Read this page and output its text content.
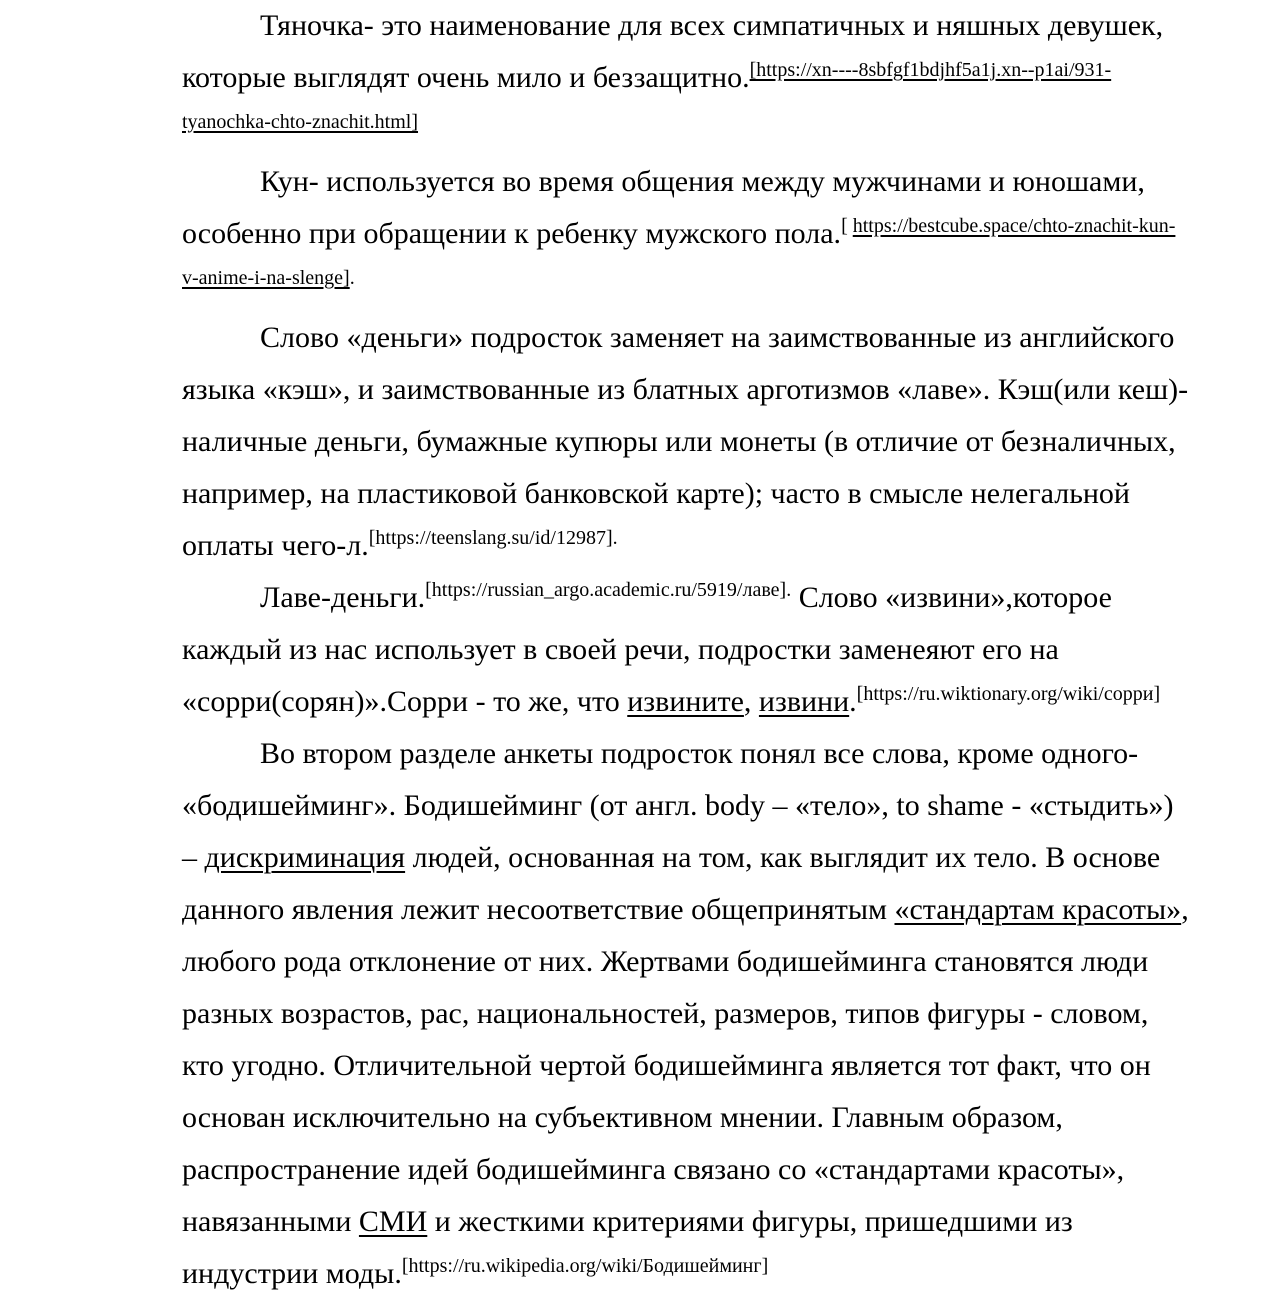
Тяночка- это наименование для всех симпатичных и няшных девушек, которые выглядят очень мило и беззащитно.[https://xn----8sbfgf1bdjhf5a1j.xn--p1ai/931-tyanochka-chto-znachit.html]

Кун- используется во время общения между мужчинами и юношами, особенно при обращении к ребенку мужского пола.[ $^{https://bestcube.space/chto-znachit-kun-v-anime-i-na-slenge].}$

Слово «деньги» подросток заменяет на заимствованные из английского языка «кэш», и заимствованные из блатных арготизмов «лаве». Кэш(или кеш)-наличные деньги, бумажные купюры или монеты (в отличие от безналичных, например, на пластиковой банковской карте); часто в смысле нелегальной оплаты чего-л.$^{[https://teenslang.su/id/12987].}$

Лаве-деньги.$^{[https://russian\_argo.academic.ru/5919/лаве].}$ Слово «извини»,которое каждый из нас использует в своей речи, подростки заменеяют его на «сорри(сорян)».Сорри - то же, что извините, извини.[https://ru.wiktionary.org/wiki/сорри]

Во втором разделе анкеты подросток понял все слова, кроме одного- «бодишейминг». Бодишейминг (от англ. body – «тело», to shame - «стыдить») – дискриминация людей, основанная на том, как выглядит их тело. В основе данного явления лежит несоответствие общепринятым «стандартам красоты», любого рода отклонение от них. Жертвами бодишейминга становятся люди разных возрастов, рас, национальностей, размеров, типов фигуры - словом, кто угодно. Отличительной чертой бодишейминга является тот факт, что он основан исключительно на субъективном мнении. Главным образом, распространение идей бодишейминга связано со «стандартами красоты», навязанными СМИ и жесткими критериями фигуры, пришедшими из индустрии моды.[https://ru.wikipedia.org/wiki/Бодишейминг]
